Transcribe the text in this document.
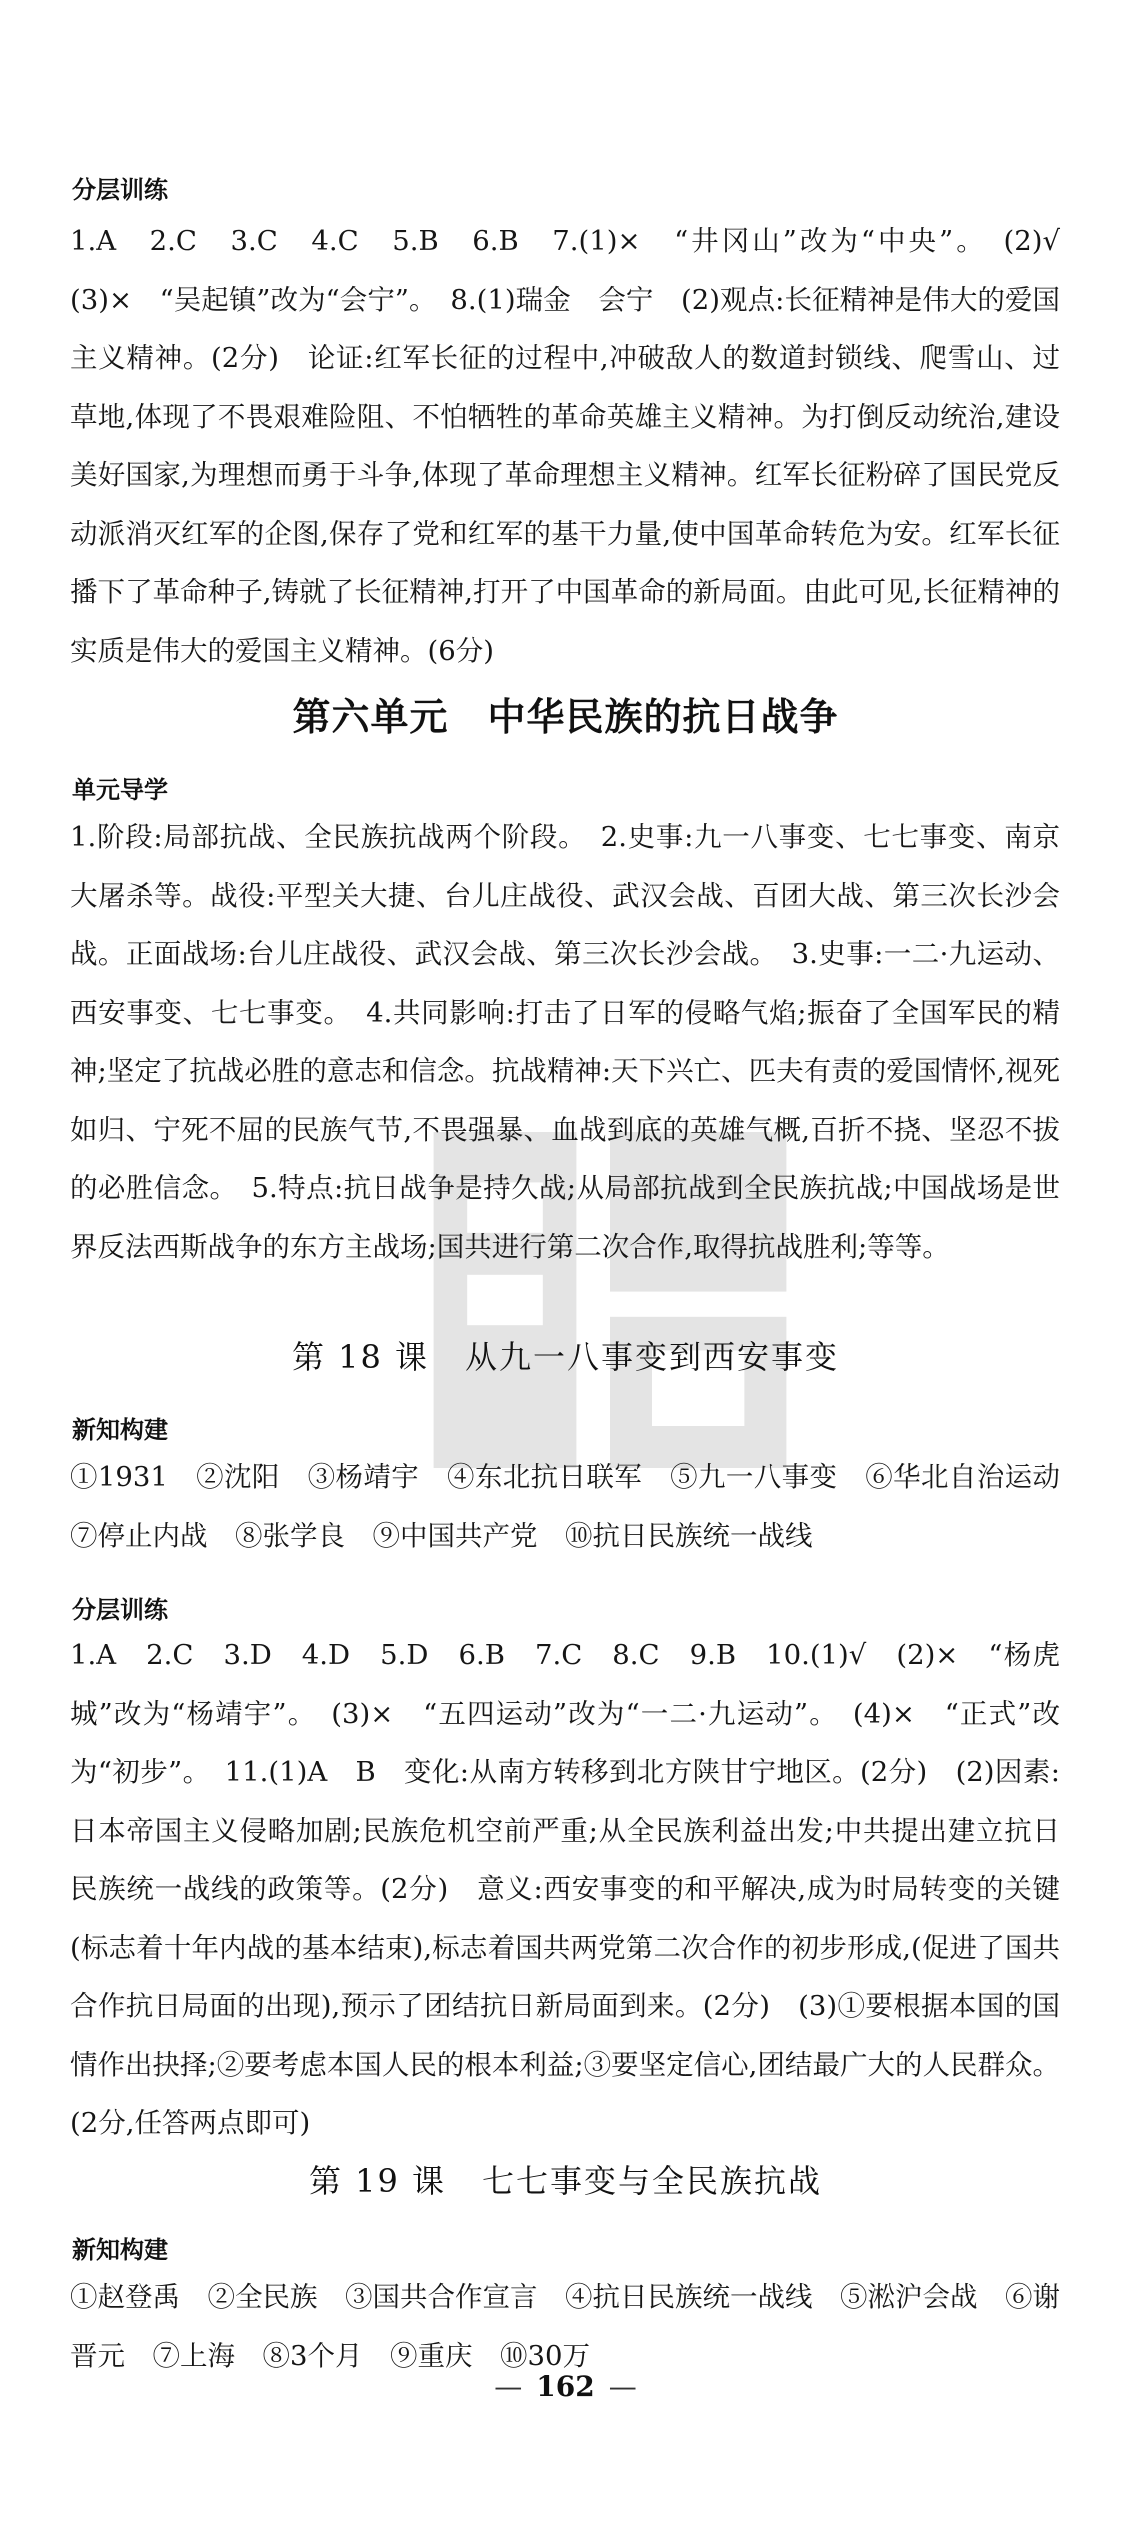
分层训练

1.A　2.C　3.C　4.C　5.B　6.B　7.(1)×　“井冈山”改为“中央”。　(2)√　(3)×　“吴起镇”改为“会宁”。　8.(1)瑞金　会宁　(2)观点:长征精神是伟大的爱国主义精神。(2分)　论证:红军长征的过程中,冲破敌人的数道封锁线、爬雪山、过草地,体现了不畏艰难险阻、不怕牺牲的革命英雄主义精神。为打倒反动统治,建设美好国家,为理想而勇于斗争,体现了革命理想主义精神。红军长征粉碎了国民党反动派消灭红军的企图,保存了党和红军的基干力量,使中国革命转危为安。红军长征播下了革命种子,铸就了长征精神,打开了中国革命的新局面。由此可见,长征精神的实质是伟大的爱国主义精神。(6分)

第六单元　中华民族的抗日战争
单元导学

1.阶段:局部抗战、全民族抗战两个阶段。　2.史事:九一八事变、七七事变、南京大屠杀等。战役:平型关大捷、台儿庄战役、武汉会战、百团大战、第三次长沙会战。正面战场:台儿庄战役、武汉会战、第三次长沙会战。　3.史事:一二·九运动、西安事变、七七事变。　4.共同影响:打击了日军的侵略气焰;振奋了全国军民的精神;坚定了抗战必胜的意志和信念。抗战精神:天下兴亡、匹夫有责的爱国情怀,视死如归、宁死不屈的民族气节,不畏强暴、血战到底的英雄气概,百折不挠、坚忍不拔的必胜信念。　5.特点:抗日战争是持久战;从局部抗战到全民族抗战;中国战场是世界反法西斯战争的东方主战场;国共进行第二次合作,取得抗战胜利;等等。

第 18 课 从九一八事变到西安事变
新知构建

①1931　②沈阳　③杨靖宇　④东北抗日联军　⑤九一八事变　⑥华北自治运动　⑦停止内战　⑧张学良　⑨中国共产党　⑩抗日民族统一战线

分层训练

1.A　2.C　3.D　4.D　5.D　6.B　7.C　8.C　9.B　10.(1)√　(2)×　“杨虎城”改为“杨靖宇”。　(3)×　“五四运动”改为“一二·九运动”。　(4)×　“正式”改为“初步”。　11.(1)A　B　变化:从南方转移到北方陕甘宁地区。(2分)　(2)因素:日本帝国主义侵略加剧;民族危机空前严重;从全民族利益出发;中共提出建立抗日民族统一战线的政策等。(2分)　意义:西安事变的和平解决,成为时局转变的关键(标志着十年内战的基本结束),标志着国共两党第二次合作的初步形成,(促进了国共合作抗日局面的出现),预示了团结抗日新局面到来。(2分)　(3)①要根据本国的国情作出抉择;②要考虑本国人民的根本利益;③要坚定信心,团结最广大的人民群众。(2分,任答两点即可)

第 19 课 七七事变与全民族抗战
新知构建

①赵登禹　②全民族　③国共合作宣言　④抗日民族统一战线　⑤淞沪会战　⑥谢晋元　⑦上海　⑧3个月　⑨重庆　⑩30万

— 162 —
